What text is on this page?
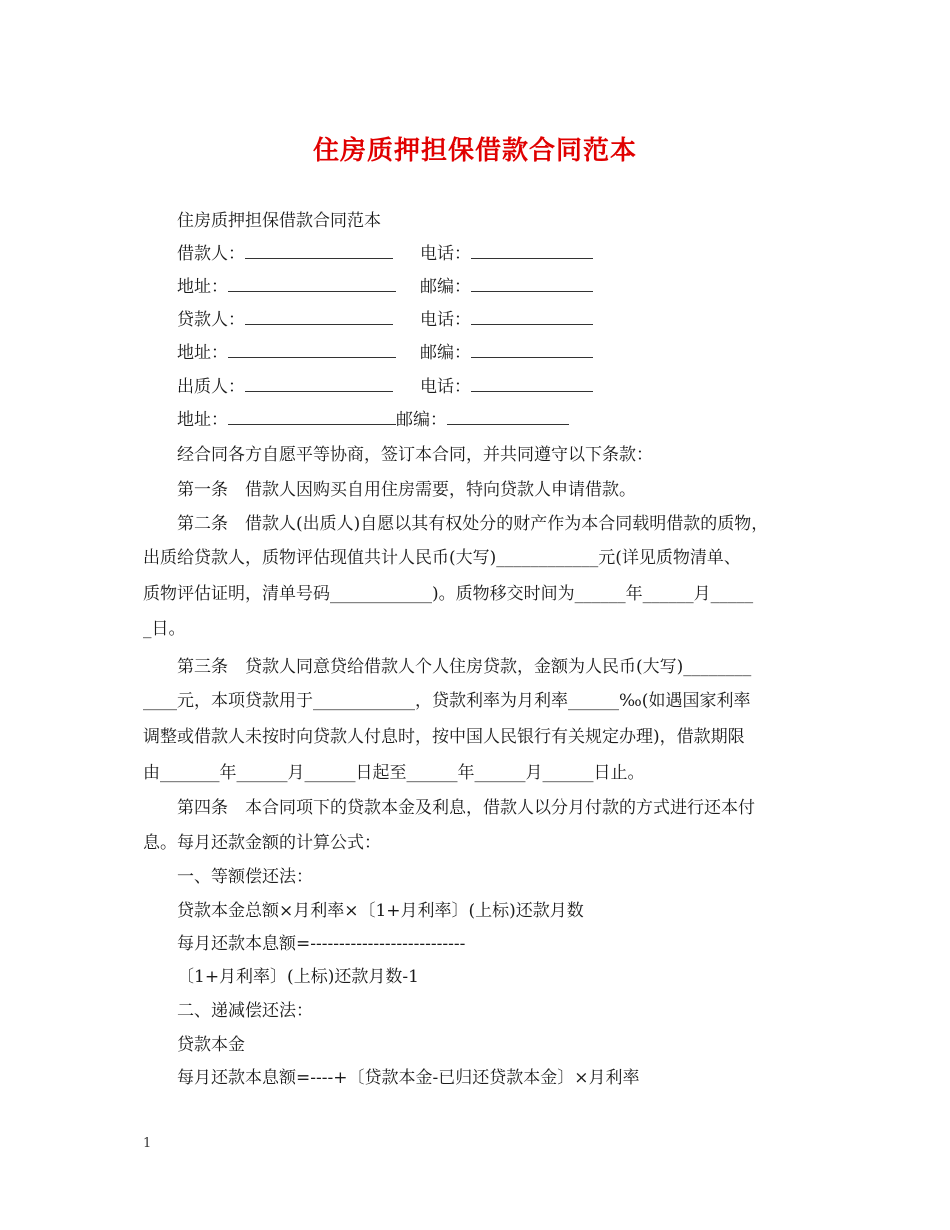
住房质押担保借款合同范本

住房质押担保借款合同范本

借款人：	电话：
地址：	邮编：
贷款人：	电话：
地址：	邮编：
出质人：	电话：
地址：	邮编：

经合同各方自愿平等协商，签订本合同，并共同遵守以下条款：

第一条　借款人因购买自用住房需要，特向贷款人申请借款。

第二条　借款人(出质人)自愿以其有权处分的财产作为本合同载明借款的质物，

出质给贷款人，质物评估现值共计人民币(大写)____________元(详见质物清单、

质物评估证明，清单号码____________)。质物移交时间为______年______月_____

_日。

第三条　贷款人同意贷给借款人个人住房贷款，金额为人民币(大写)________

____元，本项贷款用于____________，贷款利率为月利率______‰(如遇国家利率

调整或借款人未按时向贷款人付息时，按中国人民银行有关规定办理)，借款期限

由_______年______月______日起至______年______月______日止。

第四条　本合同项下的贷款本金及利息，借款人以分月付款的方式进行还本付

息。每月还款金额的计算公式：

一、等额偿还法：

贷款本金总额×月利率×〔1+月利率〕(上标)还款月数

每月还款本息额=---------------------------

〔1+月利率〕(上标)还款月数-1

二、递减偿还法：

贷款本金

每月还款本息额=----+〔贷款本金-已归还贷款本金〕×月利率

1
